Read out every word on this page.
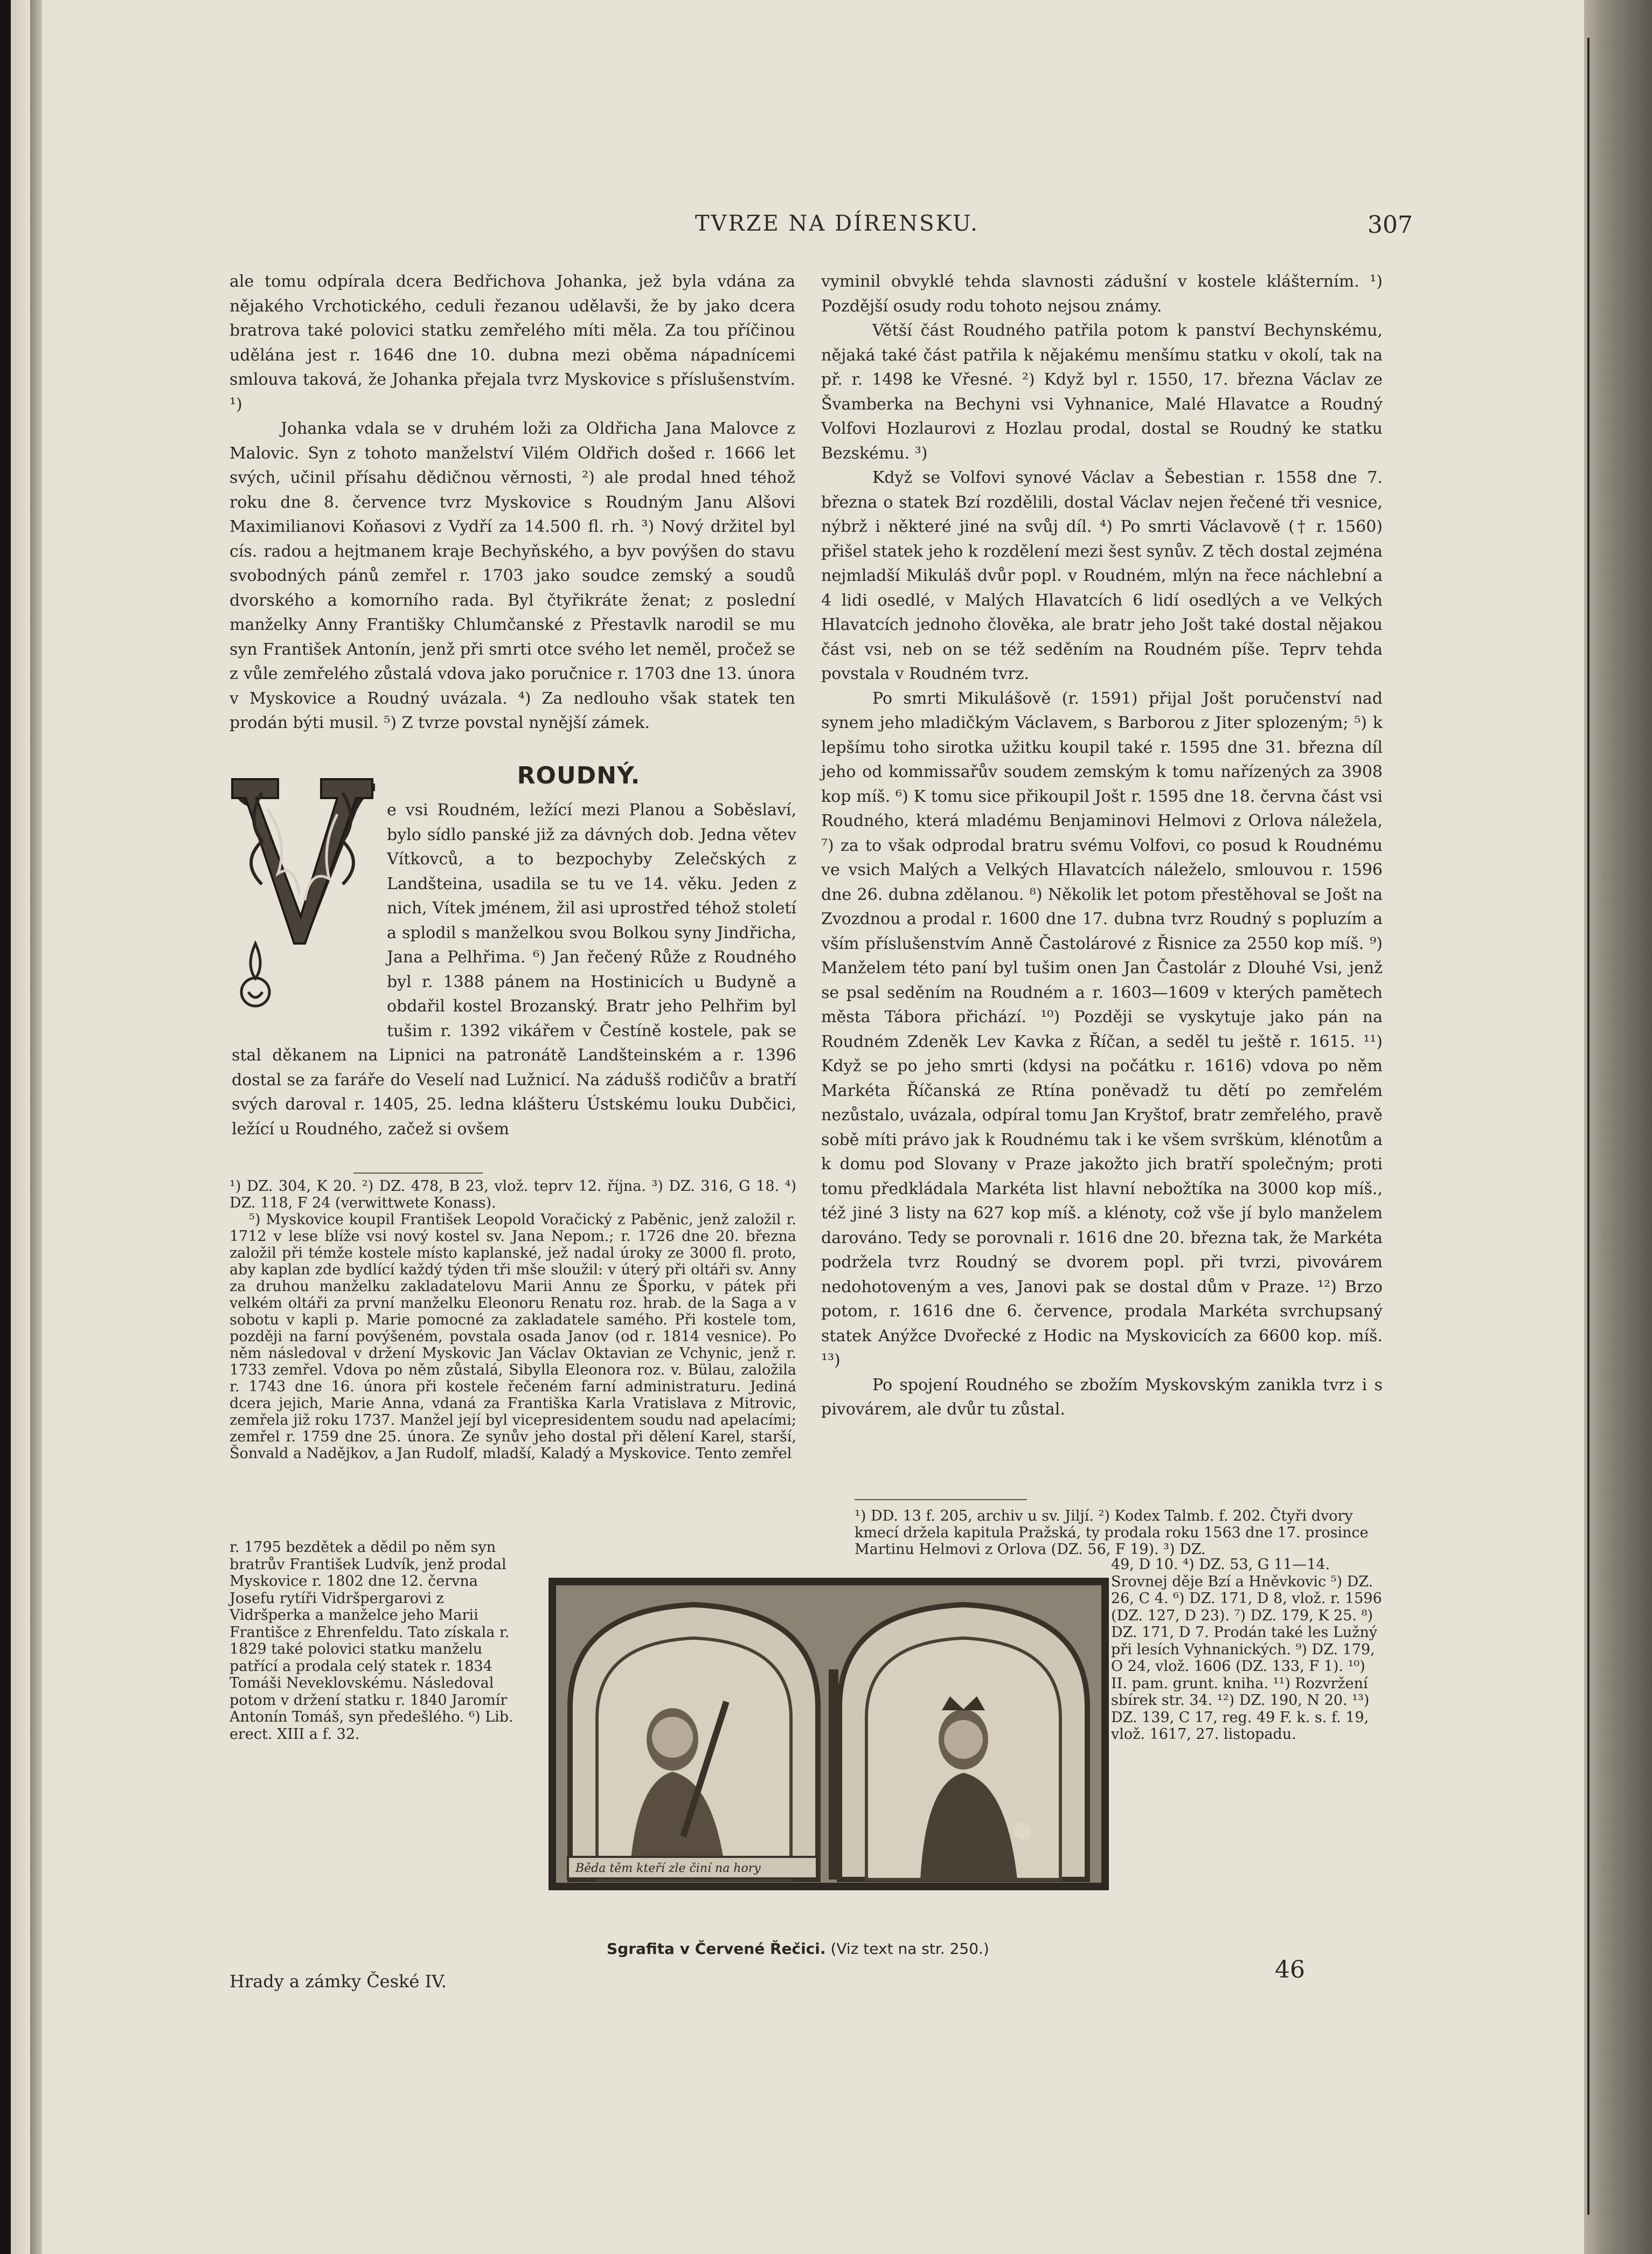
TVRZE NA DÍRENSKU.	307

ale tomu odpírala dcera Bedřichova Johanka, jež byla vdána za nějakého Vrchotického, ceduli řezanou udělavši, že by jako dcera bratrova také polovici statku zemřelého míti měla. Za tou příčinou udělána jest r. 1646 dne 10. dubna mezi oběma nápadnícemi smlouva taková, že Johanka přejala tvrz Myskovice s příslušenstvím. ¹)

Johanka vdala se v druhém loži za Oldřicha Jana Malovce z Malovic. Syn z tohoto manželství Vilém Oldřich došed r. 1666 let svých, učinil přísahu dědičnou věrnosti, ²) ale prodal hned téhož roku dne 8. července tvrz Myskovice s Roudným Janu Alšovi Maximilianovi Koňasovi z Vydří za 14.500 fl. rh. ³) Nový držitel byl cís. radou a hejtmanem kraje Bechyňského, a byv povýšen do stavu svobodných pánů zemřel r. 1703 jako soudce zemský a soudů dvorského a komorního rada. Byl čtyřikráte ženat; z poslední manželky Anny Františky Chlumčanské z Přestavlk narodil se mu syn František Antonín, jenž při smrti otce svého let neměl, pročež se z vůle zemřelého zůstalá vdova jako poručnice r. 1703 dne 13. února v Myskovice a Roudný uvázala. ⁴) Za nedlouho však statek ten prodán býti musil. ⁵) Z tvrze povstal nynější zámek.

ROUDNÝ.
V
e vsi Roudném, ležící mezi Planou a Soběslaví, bylo sídlo panské již za dávných dob. Jedna větev Vítkovců, a to bezpochyby Zelečských z Landšteina, usadila se tu ve 14. věku. Jeden z nich, Vítek jménem, žil asi uprostřed téhož století a splodil s manželkou svou Bolkou syny Jindřicha, Jana a Pelhřima. ⁶) Jan řečený Růže z Roudného byl r. 1388 pánem na Hostinicích u Budyně a obdařil kostel Brozanský. Bratr jeho Pelhřim byl tušim r. 1392 vikářem v Čestíně kostele, pak se stal děkanem na Lipnici na patronátě Landšteinském a r. 1396 dostal se za faráře do Veselí nad Lužnicí. Na zádušš rodičův a bratří svých daroval r. 1405, 25. ledna klášteru Ústskému louku Dubčici, ležící u Roudného, začež si ovšem
¹) DZ. 304, K 20. ²) DZ. 478, B 23, vlož. teprv 12. října. ³) DZ. 316, G 18. ⁴) DZ. 118, F 24 (verwittwete Konass).
⁵) Myskovice koupil František Leopold Voračický z Paběnic, jenž založil r. 1712 v lese blíže vsi nový kostel sv. Jana Nepom.; r. 1726 dne 20. března založil při témže kostele místo kaplanské, jež nadal úroky ze 3000 fl. proto, aby kaplan zde bydlící každý týden tři mše sloužil: v úterý při oltáři sv. Anny za druhou manželku zakladatelovu Marii Annu ze Šporku, v pátek při velkém oltáři za první manželku Eleonoru Renatu roz. hrab. de la Saga a v sobotu v kapli p. Marie pomocné za zakladatele samého. Při kostele tom, později na farní povýšeném, povstala osada Janov (od r. 1814 vesnice). Po něm následoval v držení Myskovic Jan Václav Oktavian ze Vchynic, jenž r. 1733 zemřel. Vdova po něm zůstalá, Sibylla Eleonora roz. v. Bülau, založila r. 1743 dne 16. února při kostele řečeném farní administraturu. Jediná dcera jejich, Marie Anna, vdaná za Františka Karla Vratislava z Mitrovic, zemřela již roku 1737. Manžel její byl vicepresidentem soudu nad apelacími; zemřel r. 1759 dne 25. února. Ze synův jeho dostal při dělení Karel, starší, Šonvald a Nadějkov, a Jan Rudolf, mladší, Kaladý a Myskovice. Tento zemřel
r. 1795 bezdětek a dědil po něm syn bratrův František Ludvík, jenž prodal Myskovice r. 1802 dne 12. června Josefu rytíři Vidršpergarovi z Vidršperka a manželce jeho Marii Františce z Ehrenfeldu. Tato získala r. 1829 také polovici statku manželu patřící a prodala celý statek r. 1834 Tomáši Neveklovskému. Následoval potom v držení statku r. 1840 Jaromír Antonín Tomáš, syn předešlého. ⁶) Lib. erect. XIII a f. 32.

vyminil obvyklé tehda slavnosti zádušní v kostele klášterním. ¹) Pozdější osudy rodu tohoto nejsou známy.

Větší část Roudného patřila potom k panství Bechynskému, nějaká také část patřila k nějakému menšímu statku v okolí, tak na př. r. 1498 ke Vřesné. ²) Když byl r. 1550, 17. března Václav ze Švamberka na Bechyni vsi Vyhnanice, Malé Hlavatce a Roudný Volfovi Hozlaurovi z Hozlau prodal, dostal se Roudný ke statku Bezskému. ³)

Když se Volfovi synové Václav a Šebestian r. 1558 dne 7. března o statek Bzí rozdělili, dostal Václav nejen řečené tři vesnice, nýbrž i některé jiné na svůj díl. ⁴) Po smrti Václavově († r. 1560) přišel statek jeho k rozdělení mezi šest synův. Z těch dostal zejména nejmladší Mikuláš dvůr popl. v Roudném, mlýn na řece náchlební a 4 lidi osedlé, v Malých Hlavatcích 6 lidí osedlých a ve Velkých Hlavatcích jednoho člověka, ale bratr jeho Jošt také dostal nějakou část vsi, neb on se též seděním na Roudném píše. Teprv tehda povstala v Roudném tvrz.

Po smrti Mikulášově (r. 1591) přijal Jošt poručenství nad synem jeho mladičkým Václavem, s Barborou z Jiter splozeným; ⁵) k lepšímu toho sirotka užitku koupil také r. 1595 dne 31. března díl jeho od kommissařův soudem zemským k tomu nařízených za 3908 kop míš. ⁶) K tomu sice přikoupil Jošt r. 1595 dne 18. června část vsi Roudného, která mladému Benjaminovi Helmovi z Orlova náležela, ⁷) za to však odprodal bratru svému Volfovi, co posud k Roudnému ve vsich Malých a Velkých Hlavatcích náleželo, smlouvou r. 1596 dne 26. dubna zdělanou. ⁸) Několik let potom přestěhoval se Jošt na Zvozdnou a prodal r. 1600 dne 17. dubna tvrz Roudný s popluzím a vším příslušenstvím Anně Častolárové z Řisnice za 2550 kop míš. ⁹) Manželem této paní byl tušim onen Jan Častolár z Dlouhé Vsi, jenž se psal seděním na Roudném a r. 1603—1609 v kterých pamětech města Tábora přichází. ¹⁰) Později se vyskytuje jako pán na Roudném Zdeněk Lev Kavka z Říčan, a seděl tu ještě r. 1615. ¹¹) Když se po jeho smrti (kdysi na počátku r. 1616) vdova po něm Markéta Říčanská ze Rtína poněvadž tu dětí po zemřelém nezůstalo, uvázala, odpíral tomu Jan Kryštof, bratr zemřelého, pravě sobě míti právo jak k Roudnému tak i ke všem svršku̇m, klénotům a k domu pod Slovany v Praze jakožto jich bratří společným; proti tomu předkládala Markéta list hlavní nebožtíka na 3000 kop míš., též jiné 3 listy na 627 kop míš. a klénoty, což vše jí bylo manželem darováno. Tedy se porovnali r. 1616 dne 20. března tak, že Markéta podržela tvrz Roudný se dvorem popl. při tvrzi, pivovárem nedohotoveným a ves, Janovi pak se dostal dům v Praze. ¹²) Brzo potom, r. 1616 dne 6. července, prodala Markéta svrchupsaný statek Anýžce Dvořecké z Hodic na Myskovicích za 6600 kop. míš. ¹³)

Po spojení Roudného se zbožím Myskovským zanikla tvrz i s pivovárem, ale dvůr tu zůstal.

¹) DD. 13 f. 205, archiv u sv. Jiljí. ²) Kodex Talmb. f. 202. Čtyři dvory kmecí držela kapitula Pražská, ty prodala roku 1563 dne 17. prosince Martinu Helmovi z Orlova (DZ. 56, F 19). ³) DZ.
49, D 10. ⁴) DZ. 53, G 11—14. Srovnej děje Bzí a Hněvkovic ⁵) DZ. 26, C 4. ⁶) DZ. 171, D 8, vlož. r. 1596 (DZ. 127, D 23). ⁷) DZ. 179, K 25. ⁸) DZ. 171, D 7. Prodán také les Lužný při lesích Vyhnanických. ⁹) DZ. 179, O 24, vlož. 1606 (DZ. 133, F 1). ¹⁰) II. pam. grunt. kniha. ¹¹) Rozvržení sbírek str. 34. ¹²) DZ. 190, N 20. ¹³) DZ. 139, C 17, reg. 49 F. k. s. f. 19, vlož. 1617, 27. listopadu.
Běda těm kteří zle činí na hory
Sgrafita v Červené Řečici. (Viz text na str. 250.)
Hrady a zámky České IV.	46
